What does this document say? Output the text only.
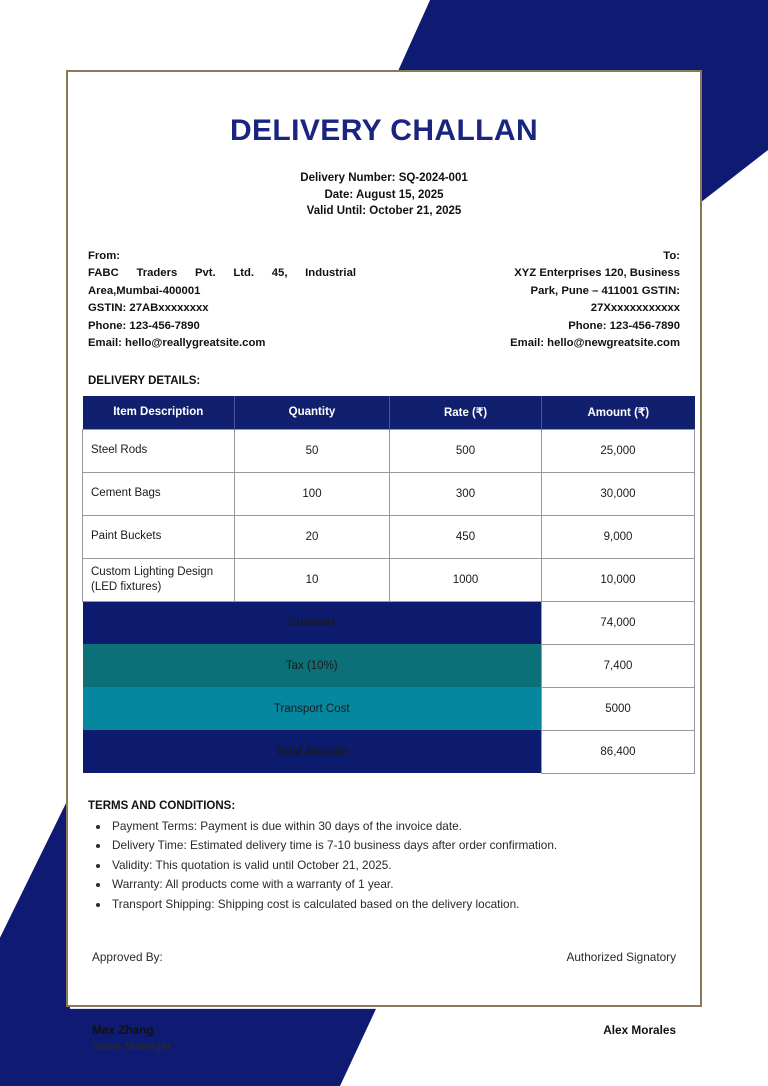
DELIVERY CHALLAN
Delivery Number: SQ-2024-001
Date: August 15, 2025
Valid Until: October 21, 2025
From:
FABC Traders Pvt. Ltd. 45, Industrial
Area,Mumbai-400001
GSTIN: 27ABxxxxxxxx
Phone: 123-456-7890
Email: hello@reallygreatsite.com
To:
XYZ Enterprises 120, Business
Park, Pune – 411001 GSTIN:
27Xxxxxxxxxxxx
Phone: 123-456-7890
Email: hello@newgreatsite.com
DELIVERY DETAILS:
Item Description	Quantity	Rate (₹)	Amount (₹)
Steel Rods	50	500	25,000
Cement Bags	100	300	30,000
Paint Buckets	20	450	9,000
Custom Lighting Design (LED fixtures)	10	1000	10,000
Subtotal			74,000
Tax (10%)			7,400
Transport Cost			5000
Total Amount			86,400
TERMS AND CONDITIONS:
• Payment Terms: Payment is due within 30 days of the invoice date.
• Delivery Time: Estimated delivery time is 7-10 business days after order confirmation.
• Validity: This quotation is valid until October 21, 2025.
• Warranty: All products come with a warranty of 1 year.
• Transport Shipping: Shipping cost is calculated based on the delivery location.
Approved By:	Authorized Signatory
Max Zhang
Sales Manager
Alex Morales
